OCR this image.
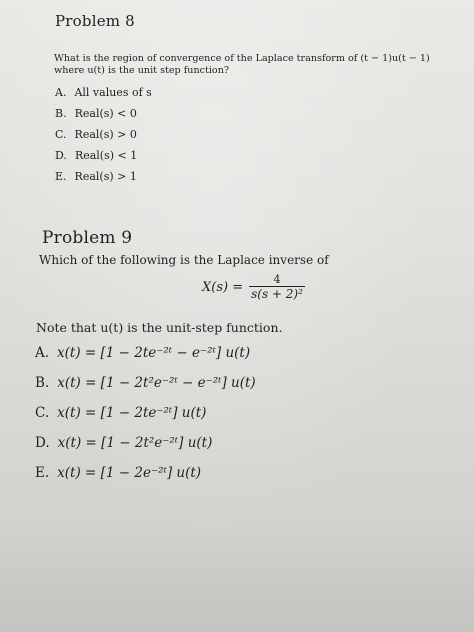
Problem 8
What is the region of convergence of the Laplace transform of (t − 1)u(t − 1)
where u(t) is the unit step function?
A. All values of s
B. Real(s) < 0
C. Real(s) > 0
D. Real(s) < 1
E. Real(s) > 1
Problem 9
Which of the following is the Laplace inverse of
$X(s) = \frac{4}{\text{s(s + 2)²}}$
Note that u(t) is the unit-step function.
A. x(t) = [1 − 2te⁻²ᵗ − e⁻²ᵗ] u(t)
B. x(t) = [1 − 2t²e⁻²ᵗ − e⁻²ᵗ] u(t)
C. x(t) = [1 − 2te⁻²ᵗ] u(t)
D. x(t) = [1 − 2t²e⁻²ᵗ] u(t)
E. x(t) = [1 − 2e⁻²ᵗ] u(t)
